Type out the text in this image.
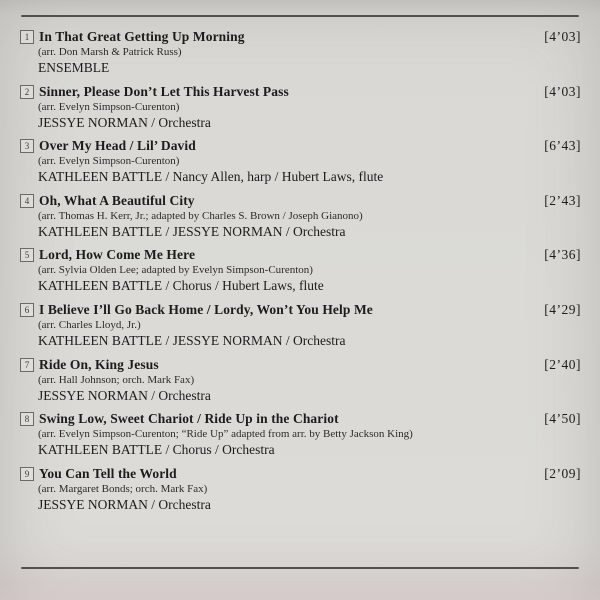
1 In That Great Getting Up Morning	[4’03]
(arr. Don Marsh & Patrick Russ)
ENSEMBLE
2 Sinner, Please Don’t Let This Harvest Pass	[4’03]
(arr. Evelyn Simpson-Curenton)
JESSYE NORMAN / Orchestra
3 Over My Head / Lil’ David	[6’43]
(arr. Evelyn Simpson-Curenton)
KATHLEEN BATTLE / Nancy Allen, harp / Hubert Laws, flute
4 Oh, What A Beautiful City	[2’43]
(arr. Thomas H. Kerr, Jr.; adapted by Charles S. Brown / Joseph Gianono)
KATHLEEN BATTLE / JESSYE NORMAN / Orchestra
5 Lord, How Come Me Here	[4’36]
(arr. Sylvia Olden Lee; adapted by Evelyn Simpson-Curenton)
KATHLEEN BATTLE / Chorus / Hubert Laws, flute
6 I Believe I’ll Go Back Home / Lordy, Won’t You Help Me	[4’29]
(arr. Charles Lloyd, Jr.)
KATHLEEN BATTLE / JESSYE NORMAN / Orchestra
7 Ride On, King Jesus	[2’40]
(arr. Hall Johnson; orch. Mark Fax)
JESSYE NORMAN / Orchestra
8 Swing Low, Sweet Chariot / Ride Up in the Chariot	[4’50]
(arr. Evelyn Simpson-Curenton; “Ride Up” adapted from arr. by Betty Jackson King)
KATHLEEN BATTLE / Chorus / Orchestra
9 You Can Tell the World	[2’09]
(arr. Margaret Bonds; orch. Mark Fax)
JESSYE NORMAN / Orchestra
